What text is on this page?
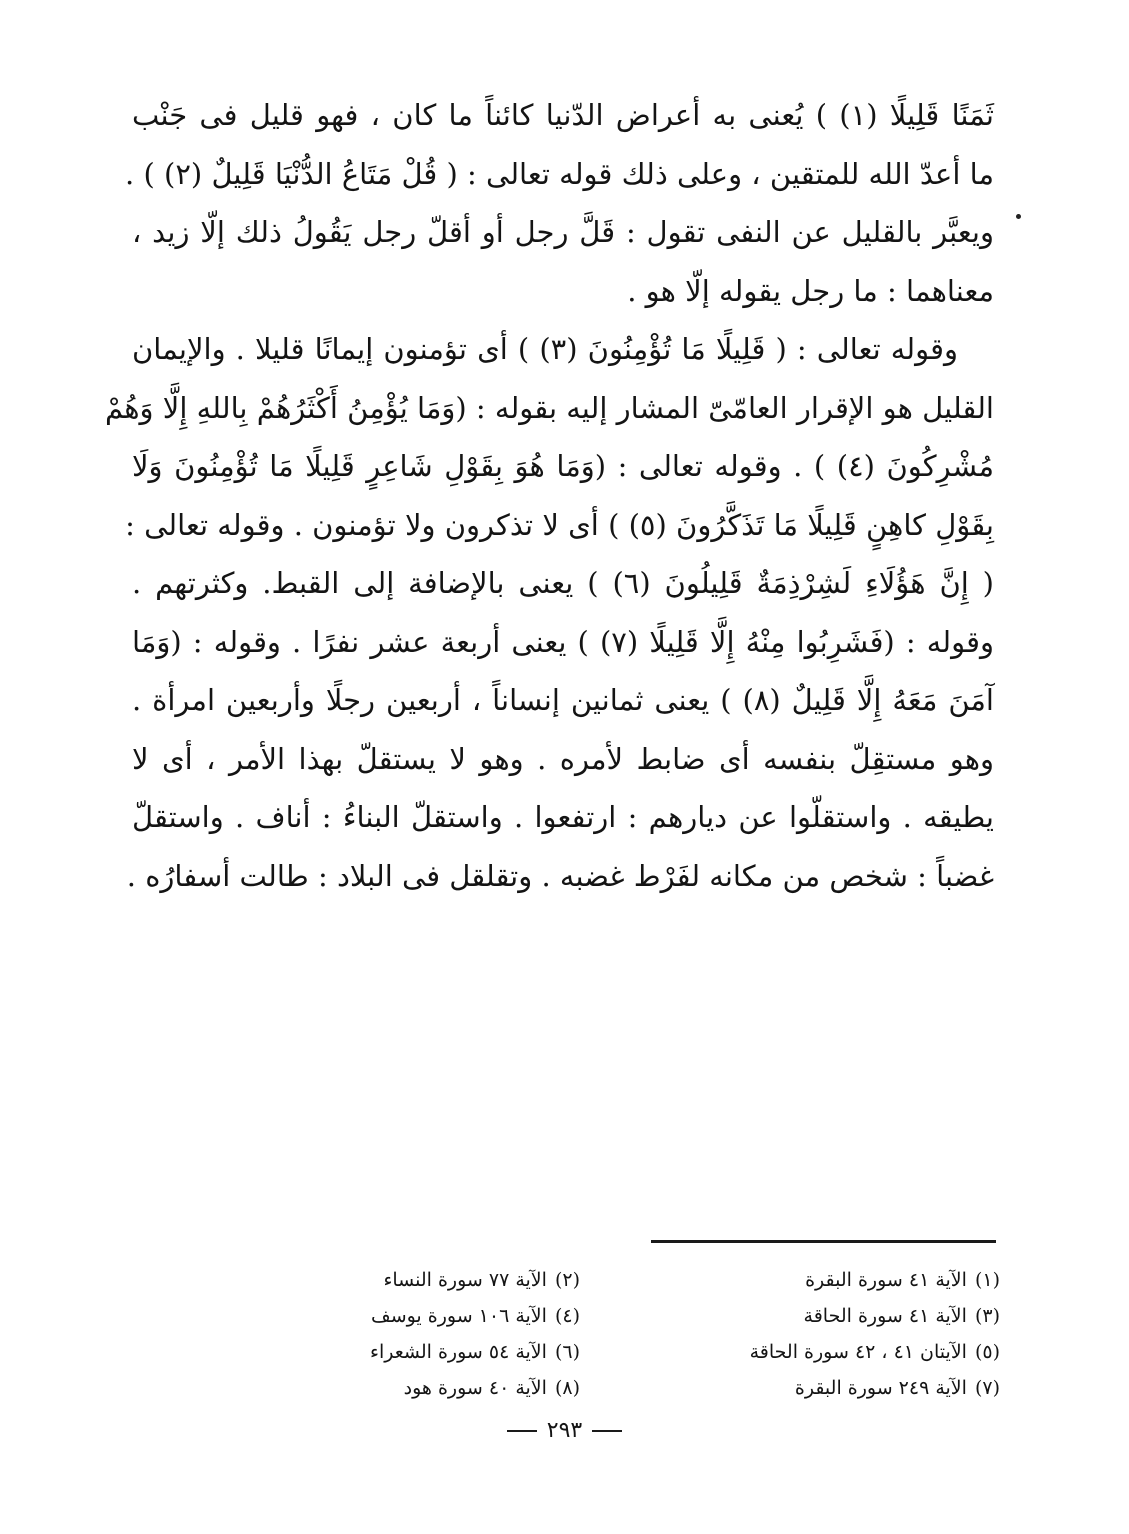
ثَمَنًا قَلِيلًا (١) ) يُعنى به أعراض الدّنيا كائناً ما كان ، فهو قليل فى جَنْب
ما أعدّ الله للمتقين ، وعلى ذلك قوله تعالى : ( قُلْ مَتَاعُ الدُّنْيَا قَلِيلٌ (٢) ) .
ويعبَّر بالقليل عن النفى تقول : قَلَّ رجل أو أقلّ رجل يَقُولُ ذلك إلّا زيد ،
معناهما : ما رجل يقوله إلّا هو .
وقوله تعالى : ( قَلِيلًا مَا تُؤْمِنُونَ (٣) ) أى تؤمنون إيمانًا قليلا . والإيمان
القليل هو الإقرار العامّىّ المشار إليه بقوله : (وَمَا يُؤْمِنُ أَكْثَرُهُمْ بِاللهِ إِلَّا وَهُمْ
مُشْرِكُونَ (٤) ) . وقوله تعالى : (وَمَا هُوَ بِقَوْلِ شَاعِرٍ قَلِيلًا مَا تُؤْمِنُونَ وَلَا
بِقَوْلِ كاهِنٍ قَلِيلًا مَا تَذَكَّرُونَ (٥) ) أى لا تذكرون ولا تؤمنون . وقوله تعالى :
( إِنَّ هَؤُلَاءِ لَشِرْذِمَةٌ قَلِيلُونَ (٦) ) يعنى بالإضافة إلى القبط. وكثرتهم .
وقوله : (فَشَرِبُوا مِنْهُ إِلَّا قَلِيلًا (٧) ) يعنى أربعة عشر نفرًا . وقوله : (وَمَا
آمَنَ مَعَهُ إِلَّا قَلِيلٌ (٨) ) يعنى ثمانين إنساناً ، أربعين رجلًا وأربعين امرأة .
وهو مستقِلّ بنفسه أى ضابط لأمره . وهو لا يستقلّ بهذا الأمر ، أى لا
يطيقه . واستقلّوا عن ديارهم : ارتفعوا . واستقلّ البناءُ : أناف . واستقلّ
غضباً : شخص من مكانه لفَرْط غضبه . وتقلقل فى البلاد : طالت أسفارُه .
(١)الآية ٤١ سورة البقرة
(٢)الآية ٧٧ سورة النساء
(٣)الآية ٤١ سورة الحاقة
(٤)الآية ١٠٦ سورة يوسف
(٥)الآيتان ٤١ ، ٤٢ سورة الحاقة
(٦)الآية ٥٤ سورة الشعراء
(٧)الآية ٢٤٩ سورة البقرة
(٨)الآية ٤٠ سورة هود
٢٩٣
